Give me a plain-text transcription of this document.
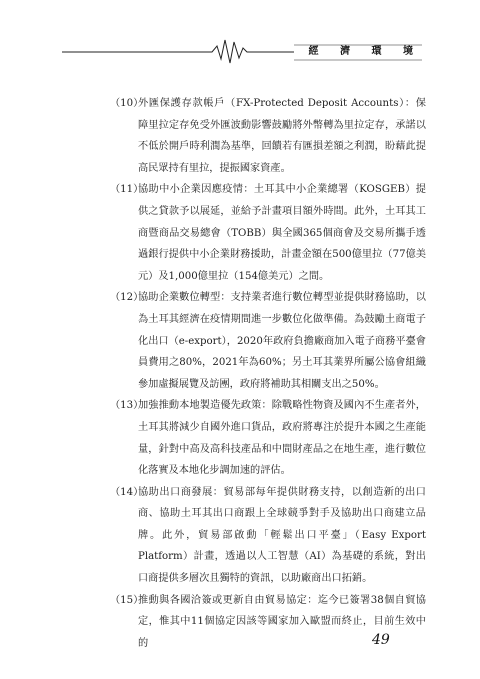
經 濟 環 境
（10）
外匯保護存款帳戶（FX-Protected Deposit Accounts）：保障里拉定存免受外匯波動影響鼓勵將外幣轉為里拉定存，承諾以不低於開戶時利潤為基準，回饋若有匯損差額之利潤，盼藉此提高民眾持有里拉，提振國家資產。
（11）
協助中小企業因應疫情：土耳其中小企業總署（KOSGEB）提供之貸款予以展延，並給予計畫項目額外時間。此外，土耳其工商暨商品交易總會（TOBB）與全國365個商會及交易所攜手透過銀行提供中小企業財務援助，計畫金額在500億里拉（77億美元）及1,000億里拉（154億美元）之間。
（12）
協助企業數位轉型：支持業者進行數位轉型並提供財務協助，以為土耳其經濟在疫情期間進一步數位化做準備。為鼓勵土商電子化出口（e-export），2020年政府負擔廠商加入電子商務平臺會員費用之80%，2021年為60%；另土耳其業界所屬公協會組織參加虛擬展覽及訪團，政府將補助其相關支出之50%。
（13）
加強推動本地製造優先政策：除戰略性物資及國內不生產者外，土耳其將減少自國外進口貨品，政府將專注於提升本國之生產能量，針對中高及高科技產品和中間財產品之在地生產，進行數位化落實及本地化步調加速的評估。
（14）
協助出口商發展：貿易部每年提供財務支持，以創造新的出口商、協助土耳其出口商跟上全球競爭對手及協助出口商建立品牌。此外，貿易部啟動「輕鬆出口平臺」（Easy Export Platform）計畫，透過以人工智慧（AI）為基礎的系統，對出口商提供多層次且獨特的資訊，以助廠商出口拓銷。
（15）
推動與各國洽簽或更新自由貿易協定：迄今已簽署38個自貿協定，惟其中11個協定因該等國家加入歐盟而終止，目前生效中的	49
